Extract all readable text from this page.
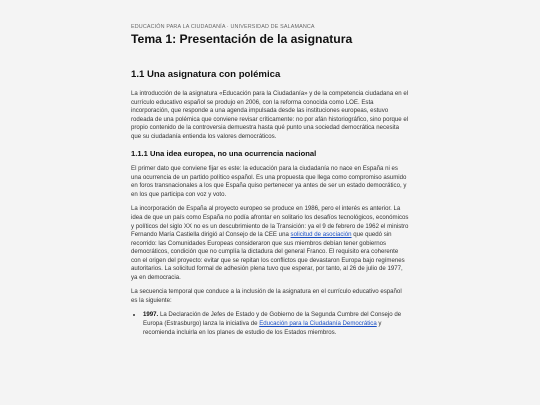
EDUCACIÓN PARA LA CIUDADANÍA · UNIVERSIDAD DE SALAMANCA
Tema 1: Presentación de la asignatura
1.1 Una asignatura con polémica

La introducción de la asignatura «Educación para la Ciudadanía» y de la competencia ciudadana en el currículo educativo español se produjo en 2006, con la reforma conocida como LOE. Esta incorporación, que responde a una agenda impulsada desde las instituciones europeas, estuvo rodeada de una polémica que conviene revisar críticamente: no por afán historiográfico, sino porque el propio contenido de la controversia demuestra hasta qué punto una sociedad democrática necesita que su ciudadanía entienda los valores democráticos.

1.1.1 Una idea europea, no una ocurrencia nacional

El primer dato que conviene fijar es este: la educación para la ciudadanía no nace en España ni es una ocurrencia de un partido político español. Es una propuesta que llega como compromiso asumido en foros transnacionales a los que España quiso pertenecer ya antes de ser un estado democrático, y en los que participa con voz y voto.

La incorporación de España al proyecto europeo se produce en 1986, pero el interés es anterior. La idea de que un país como España no podía afrontar en solitario los desafíos tecnológicos, económicos y políticos del siglo XX no es un descubrimiento de la Transición: ya el 9 de febrero de 1962 el ministro Fernando María Castiella dirigió al Consejo de la CEE una solicitud de asociación que quedó sin recorrido: las Comunidades Europeas consideraron que sus miembros debían tener gobiernos democráticos, condición que no cumplía la dictadura del general Franco. El requisito era coherente con el origen del proyecto: evitar que se repitan los conflictos que devastaron Europa bajo regímenes autoritarios. La solicitud formal de adhesión plena tuvo que esperar, por tanto, al 26 de julio de 1977, ya en democracia.

La secuencia temporal que conduce a la inclusión de la asignatura en el currículo educativo español es la siguiente:

• 1997. La Declaración de Jefes de Estado y de Gobierno de la Segunda Cumbre del Consejo de Europa (Estrasburgo) lanza la iniciativa de Educación para la Ciudadanía Democrática y recomienda incluirla en los planes de estudio de los Estados miembros.
